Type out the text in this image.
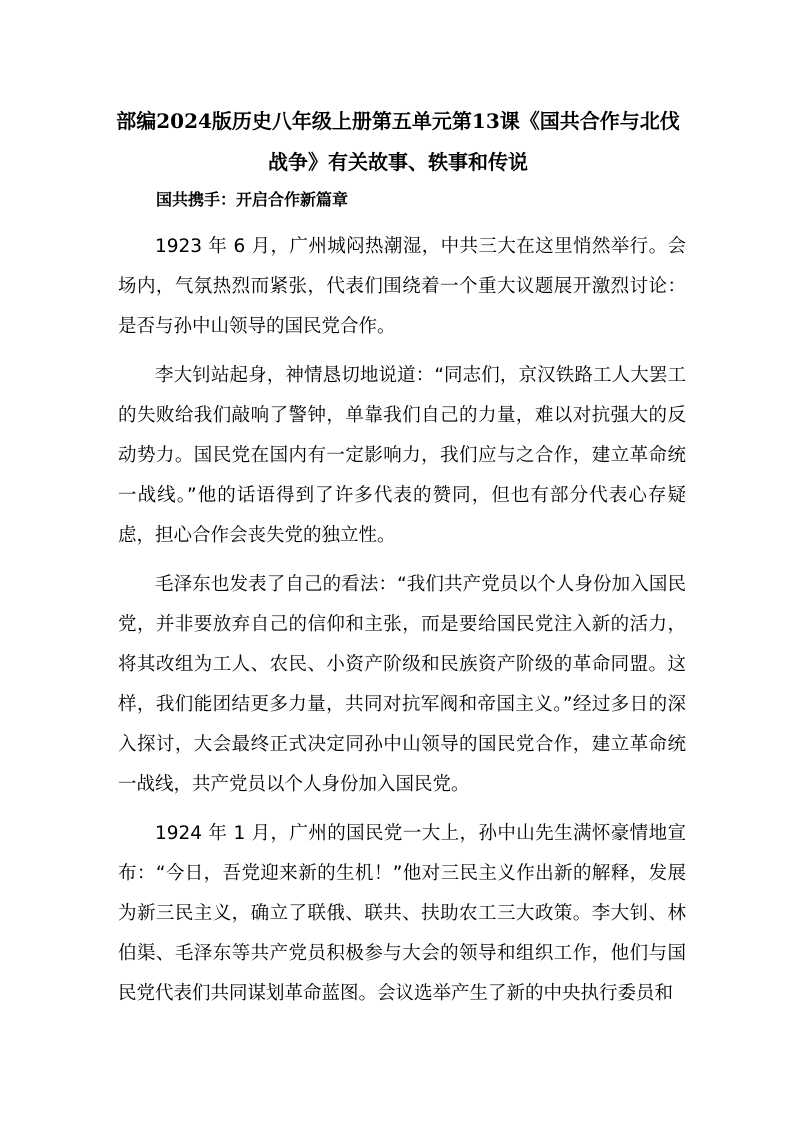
部编2024版历史八年级上册第五单元第13课《国共合作与北伐战争》有关故事、轶事和传说
国共携手：开启合作新篇章

1923 年 6 月，广州城闷热潮湿，中共三大在这里悄然举行。会场内，气氛热烈而紧张，代表们围绕着一个重大议题展开激烈讨论：是否与孙中山领导的国民党合作。

李大钊站起身，神情恳切地说道：“同志们，京汉铁路工人大罢工的失败给我们敲响了警钟，单靠我们自己的力量，难以对抗强大的反动势力。国民党在国内有一定影响力，我们应与之合作，建立革命统一战线。”他的话语得到了许多代表的赞同，但也有部分代表心存疑虑，担心合作会丧失党的独立性。

毛泽东也发表了自己的看法：“我们共产党员以个人身份加入国民党，并非要放弃自己的信仰和主张，而是要给国民党注入新的活力，将其改组为工人、农民、小资产阶级和民族资产阶级的革命同盟。这样，我们能团结更多力量，共同对抗军阀和帝国主义。”经过多日的深入探讨，大会最终正式决定同孙中山领导的国民党合作，建立革命统一战线，共产党员以个人身份加入国民党。

1924 年 1 月，广州的国民党一大上，孙中山先生满怀豪情地宣布：“今日，吾党迎来新的生机！”他对三民主义作出新的解释，发展为新三民主义，确立了联俄、联共、扶助农工三大政策。李大钊、林伯渠、毛泽东等共产党员积极参与大会的领导和组织工作，他们与国民党代表们共同谋划革命蓝图。会议选举产生了新的中央执行委员和
